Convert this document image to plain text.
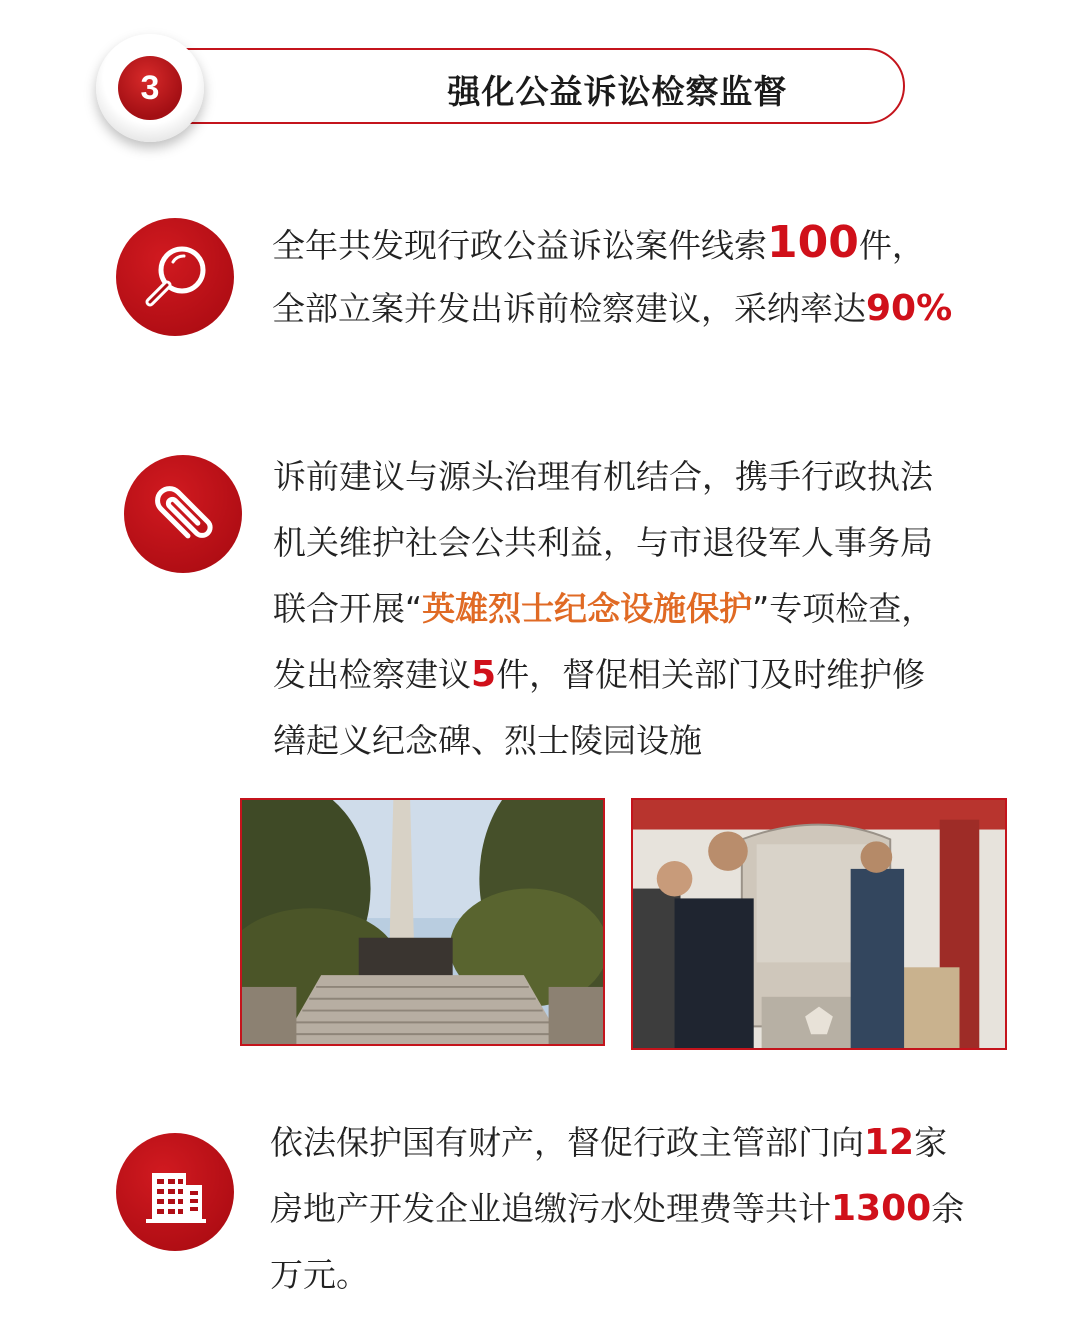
强化公益诉讼检察监督
3
全年共发现行政公益诉讼案件线索100件，
全部立案并发出诉前检察建议，采纳率达90%
诉前建议与源头治理有机结合，携手行政执法
机关维护社会公共利益，与市退役军人事务局
联合开展“英雄烈士纪念设施保护”专项检查，
发出检察建议5件，督促相关部门及时维护修
缮起义纪念碑、烈士陵园设施
依法保护国有财产，督促行政主管部门向12家
房地产开发企业追缴污水处理费等共计1300余
万元。
